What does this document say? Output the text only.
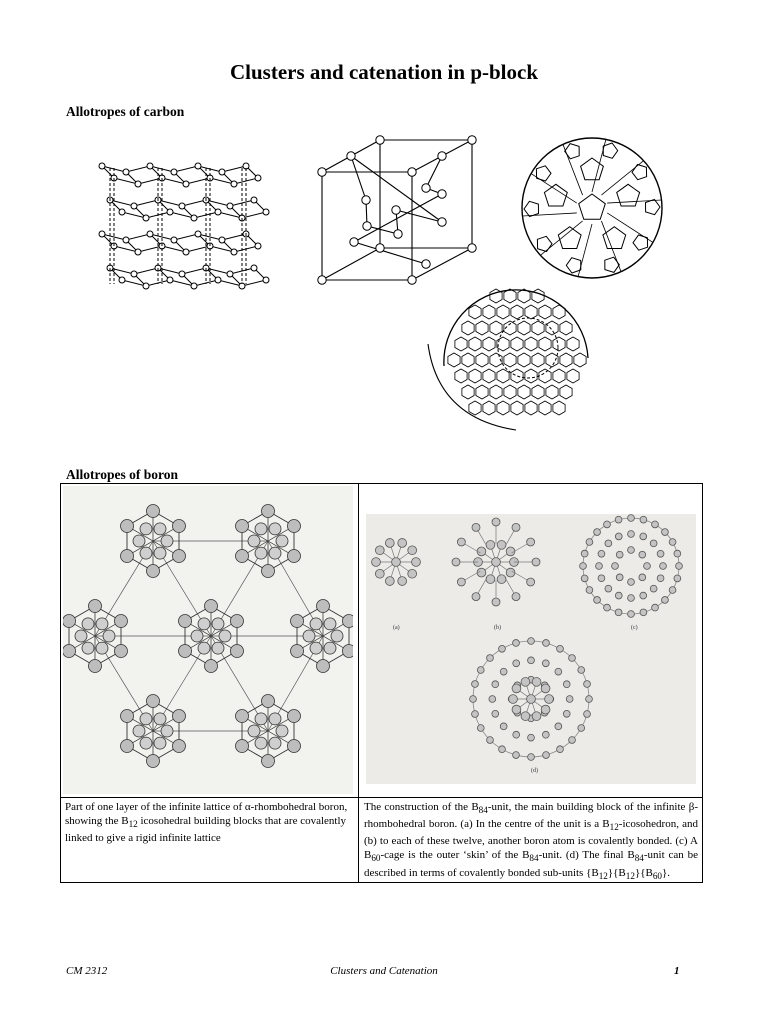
Clusters and catenation in p-block
Allotropes of carbon
Allotropes of boron
(a)	(b)	(c)
(d)
Part of one layer of the infinite lattice of α-rhombohedral boron, showing the $B_{12}$ icosohedral building blocks that are covalently linked to give a rigid infinite lattice
The construction of the $B_{84}$-unit, the main building block of the infinite β-rhombohedral boron. (a) In the centre of the unit is a $B_{12}$-icosohedron, and (b) to each of these twelve, another boron atom is covalently bonded. (c) A $B_{60}$-cage is the outer ‘skin’ of the $B_{84}$-unit. (d) The final $B_{84}$-unit can be described in terms of covalently bonded sub-units $\{B_{12}\}\{B_{12}\}\{B_{60}\}$.
CM 2312	Clusters and Catenation	1
